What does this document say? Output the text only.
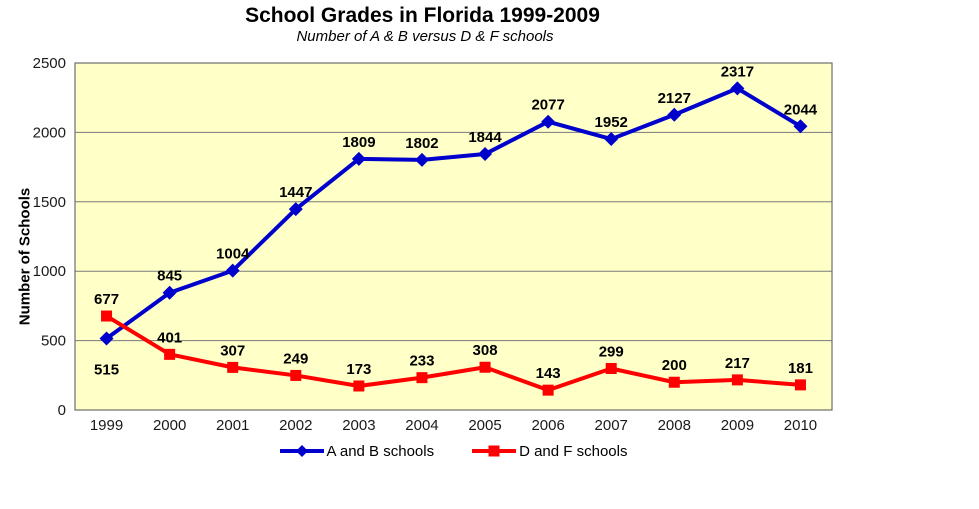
School Grades in Florida 1999-2009
Number of A & B versus D & F schools
Number of Schools
0
500
1000
1500
2000
2500
1999 2000 2001 2002 2003 2004 2005 2006 2007 2008 2009 2010
515
845
1004
1447
1809 1802 1844
2077
1952
2127
2317
2044
677
401
307	249
173	233
308
143
299
200	217	181
A and B schools	D and F schools
